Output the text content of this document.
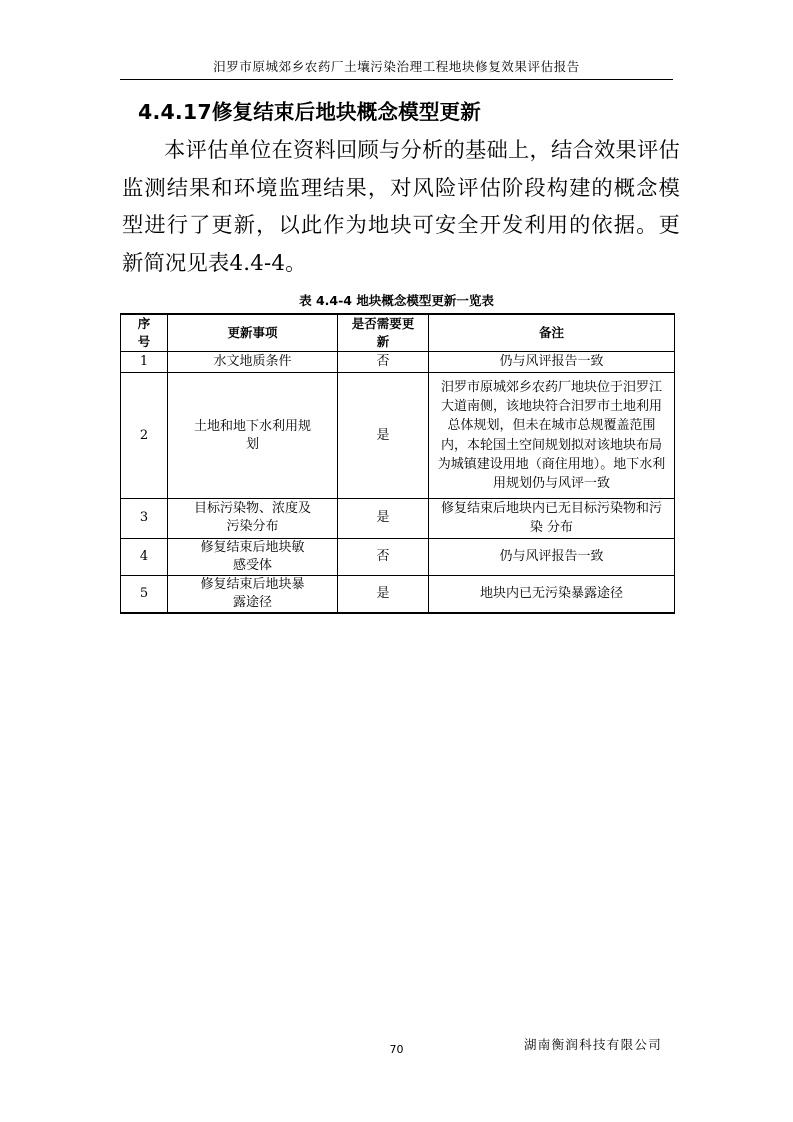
汨罗市原城郊乡农药厂土壤污染治理工程地块修复效果评估报告
4.4.17修复结束后地块概念模型更新
本评估单位在资料回顾与分析的基础上，结合效果评估监测结果和环境监理结果，对风险评估阶段构建的概念模型进行了更新，以此作为地块可安全开发利用的依据。更新简况见表4.4-4。
表 4.4-4 地块概念模型更新一览表
序号	更新事项	是否需要更新	备注
1	水文地质条件	否	仍与风评报告一致
2	土地和地下水利用规划	是	汨罗市原城郊乡农药厂地块位于汨罗江大道南侧，该地块符合汨罗市土地利用总体规划，但未在城市总规覆盖范围内，本轮国土空间规划拟对该地块布局为城镇建设用地（商住用地）。地下水利用规划仍与风评一致
3	目标污染物、浓度及污染分布	是	修复结束后地块内已无目标污染物和污染 分布
4	修复结束后地块敏感受体	否	仍与风评报告一致
5	修复结束后地块暴露途径	是	地块内已无污染暴露途径
70	湖南衡润科技有限公司
